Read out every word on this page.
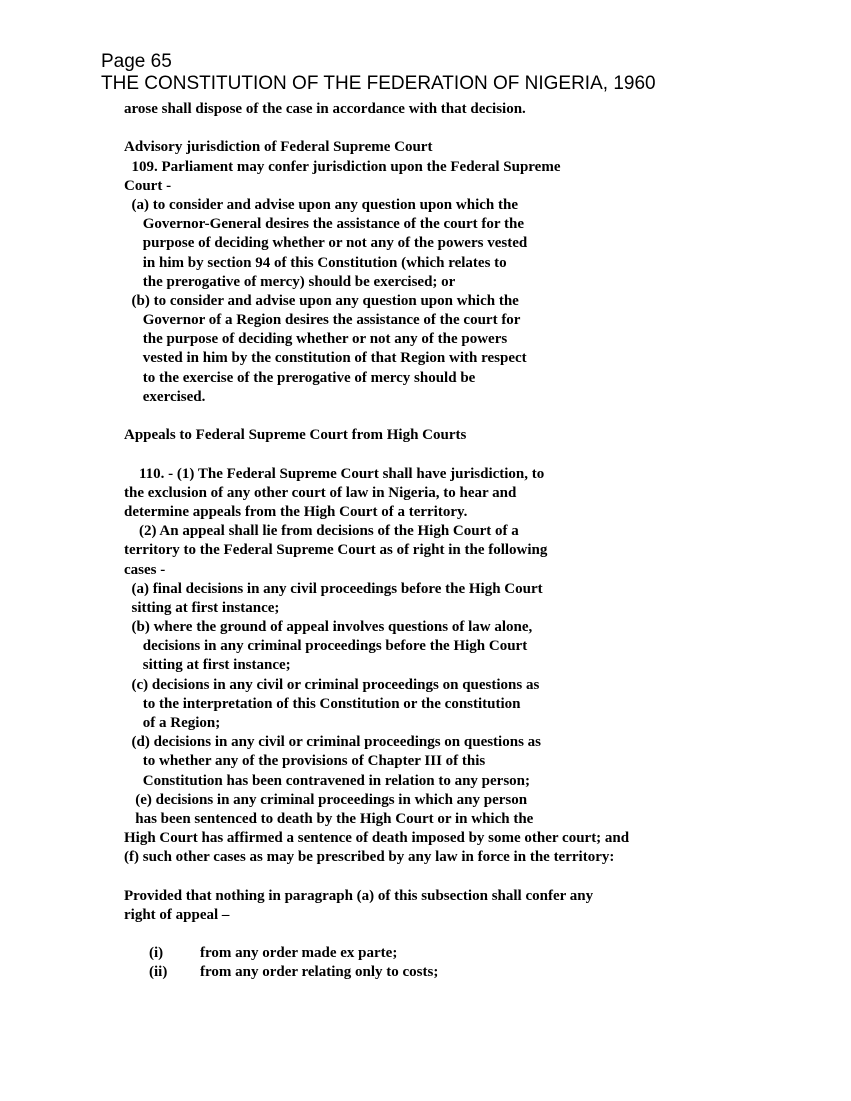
Page 65
THE CONSTITUTION OF THE FEDERATION OF NIGERIA, 1960
arose shall dispose of the case in accordance with that decision.
Advisory jurisdiction of Federal Supreme Court
109. Parliament may confer jurisdiction upon the Federal Supreme
Court -
(a) to consider and advise upon any question upon which the
Governor-General desires the assistance of the court for the
purpose of deciding whether or not any of the powers vested
in him by section 94 of this Constitution (which relates to
the prerogative of mercy) should be exercised; or
(b) to consider and advise upon any question upon which the
Governor of a Region desires the assistance of the court for
the purpose of deciding whether or not any of the powers
vested in him by the constitution of that Region with respect
to the exercise of the prerogative of mercy should be
exercised.
Appeals to Federal Supreme Court from High Courts
110. - (1) The Federal Supreme Court shall have jurisdiction, to
the exclusion of any other court of law in Nigeria, to hear and
determine appeals from the High Court of a territory.
(2) An appeal shall lie from decisions of the High Court of a
territory to the Federal Supreme Court as of right in the following
cases -
(a) final decisions in any civil proceedings before the High Court
sitting at first instance;
(b) where the ground of appeal involves questions of law alone,
decisions in any criminal proceedings before the High Court
sitting at first instance;
(c) decisions in any civil or criminal proceedings on questions as
to the interpretation of this Constitution or the constitution
of a Region;
(d) decisions in any civil or criminal proceedings on questions as
to whether any of the provisions of Chapter III of this
Constitution has been contravened in relation to any person;
(e) decisions in any criminal proceedings in which any person
has been sentenced to death by the High Court or in which the
High Court has affirmed a sentence of death imposed by some other court; and
(f) such other cases as may be prescribed by any law in force in the territory:
Provided that nothing in paragraph (a) of this subsection shall confer any
right of appeal –
(i) from any order made ex parte;
(ii) from any order relating only to costs;
